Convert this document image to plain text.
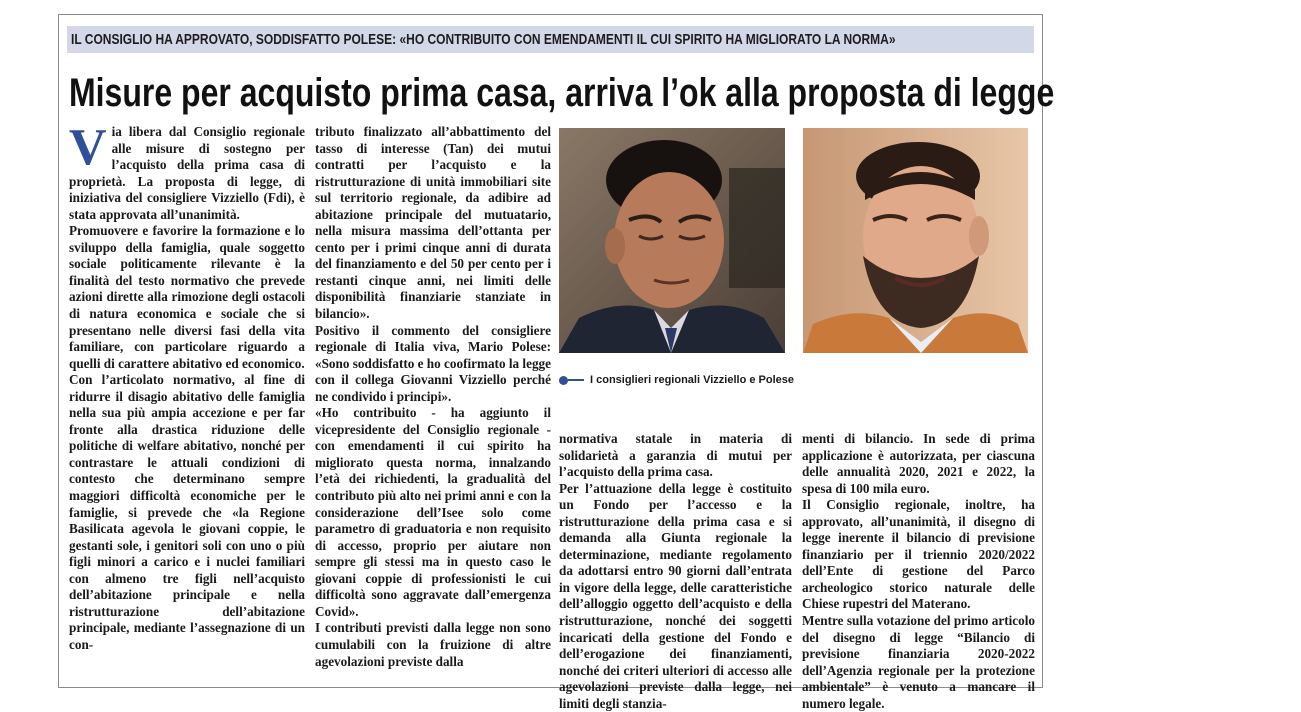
IL CONSIGLIO HA APPROVATO, SODDISFATTO POLESE: «HO CONTRIBUITO CON EMENDAMENTI IL CUI SPIRITO HA MIGLIORATO LA NORMA»
Misure per acquisto prima casa, arriva l’ok alla proposta di legge

Via libera dal Consiglio regionale alle misure di sostegno per l’acquisto della prima casa di proprietà. La proposta di legge, di iniziativa del consigliere Vizziello (Fdi), è stata approvata all’unanimità.

Promuovere e favorire la formazione e lo sviluppo della famiglia, quale soggetto sociale politicamente rilevante è la finalità del testo normativo che prevede azioni dirette alla rimozione degli ostacoli di natura economica e sociale che si presentano nelle diversi fasi della vita familiare, con particolare riguardo a quelli di carattere abitativo ed economico.

Con l’articolato normativo, al fine di ridurre il disagio abitativo delle famiglia nella sua più ampia accezione e per far fronte alla drastica riduzione delle politiche di welfare abitativo, nonché per contrastare le attuali condizioni di contesto che determinano sempre maggiori difficoltà economiche per le famiglie, si prevede che «la Regione Basilicata agevola le giovani coppie, le gestanti sole, i genitori soli con uno o più figli minori a carico e i nuclei familiari con almeno tre figli nell’acquisto dell’abitazione principale e nella ristrutturazione dell’abitazione principale, mediante l’assegnazione di un con-

tributo finalizzato all’abbattimento del tasso di interesse (Tan) dei mutui contratti per l’acquisto e la ristrutturazione di unità immobiliari site sul territorio regionale, da adibire ad abitazione principale del mutuatario, nella misura massima dell’ottanta per cento per i primi cinque anni di durata del finanziamento e del 50 per cento per i restanti cinque anni, nei limiti delle disponibilità finanziarie stanziate in bilancio».

Positivo il commento del consigliere regionale di Italia viva, Mario Polese: «Sono soddisfatto e ho coofirmato la legge con il collega Giovanni Vizziello perché ne condivido i principi».

«Ho contribuito - ha aggiunto il vicepresidente del Consiglio regionale - con emendamenti il cui spirito ha migliorato questa norma, innalzando l’età dei richiedenti, la gradualità del contributo più alto nei primi anni e con la considerazione dell’Isee solo come parametro di graduatoria e non requisito di accesso, proprio per aiutare non sempre gli stessi ma in questo caso le giovani coppie di professionisti le cui difficoltà sono aggravate dall’emergenza Covid».

I contributi previsti dalla legge non sono cumulabili con la fruizione di altre agevolazioni previste dalla

I consiglieri regionali Vizziello e Polese

normativa statale in materia di solidarietà a garanzia di mutui per l’acquisto della prima casa.

Per l’attuazione della legge è costituito un Fondo per l’accesso e la ristrutturazione della prima casa e si demanda alla Giunta regionale la determinazione, mediante regolamento da adottarsi entro 90 giorni dall’entrata in vigore della legge, delle caratteristiche dell’alloggio oggetto dell’acquisto e della ristrutturazione, nonché dei soggetti incaricati della gestione del Fondo e dell’erogazione dei finanziamenti, nonché dei criteri ulteriori di accesso alle agevolazioni previste dalla legge, nei limiti degli stanzia-

menti di bilancio. In sede di prima applicazione è autorizzata, per ciascuna delle annualità 2020, 2021 e 2022, la spesa di 100 mila euro.

Il Consiglio regionale, inoltre, ha approvato, all’unanimità, il disegno di legge inerente il bilancio di previsione finanziario per il triennio 2020/2022 dell’Ente di gestione del Parco archeologico storico naturale delle Chiese rupestri del Materano.

Mentre sulla votazione del primo articolo del disegno di legge “Bilancio di previsione finanziaria 2020-2022 dell’Agenzia regionale per la protezione ambientale” è venuto a mancare il numero legale.
